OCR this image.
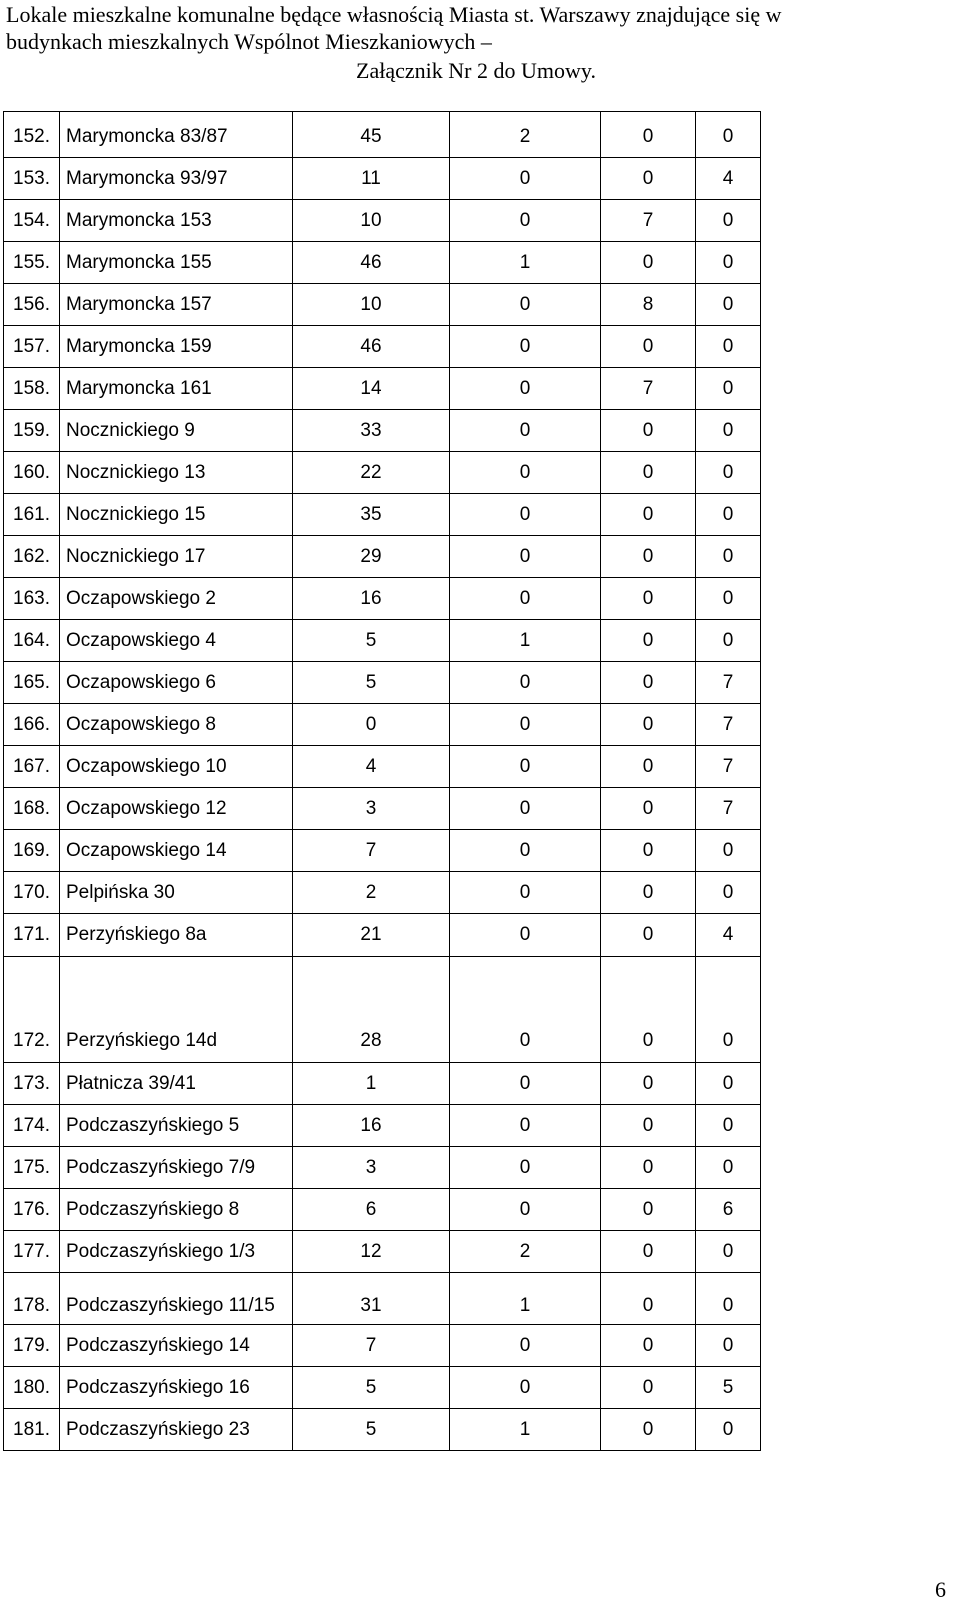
Lokale mieszkalne komunalne będące własnością Miasta st. Warszawy znajdujące się w
budynkach mieszkalnych Wspólnot Mieszkaniowych –
Załącznik Nr 2 do Umowy.
152.	Marymoncka 83/87	45	2	0	0
153.	Marymoncka 93/97	11	0	0	4
154.	Marymoncka 153	10	0	7	0
155.	Marymoncka 155	46	1	0	0
156.	Marymoncka 157	10	0	8	0
157.	Marymoncka 159	46	0	0	0
158.	Marymoncka 161	14	0	7	0
159.	Nocznickiego 9	33	0	0	0
160.	Nocznickiego 13	22	0	0	0
161.	Nocznickiego 15	35	0	0	0
162.	Nocznickiego 17	29	0	0	0
163.	Oczapowskiego 2	16	0	0	0
164.	Oczapowskiego 4	5	1	0	0
165.	Oczapowskiego 6	5	0	0	7
166.	Oczapowskiego 8	0	0	0	7
167.	Oczapowskiego 10	4	0	0	7
168.	Oczapowskiego 12	3	0	0	7
169.	Oczapowskiego 14	7	0	0	0
170.	Pelpińska 30	2	0	0	0
171.	Perzyńskiego 8a	21	0	0	4
172.	Perzyńskiego 14d	28	0	0	0
173.	Płatnicza 39/41	1	0	0	0
174.	Podczaszyńskiego 5	16	0	0	0
175.	Podczaszyńskiego 7/9	3	0	0	0
176.	Podczaszyńskiego 8	6	0	0	6
177.	Podczaszyńskiego 1/3	12	2	0	0
178.	Podczaszyńskiego 11/15	31	1	0	0
179.	Podczaszyńskiego 14	7	0	0	0
180.	Podczaszyńskiego 16	5	0	0	5
181.	Podczaszyńskiego 23	5	1	0	0
6
